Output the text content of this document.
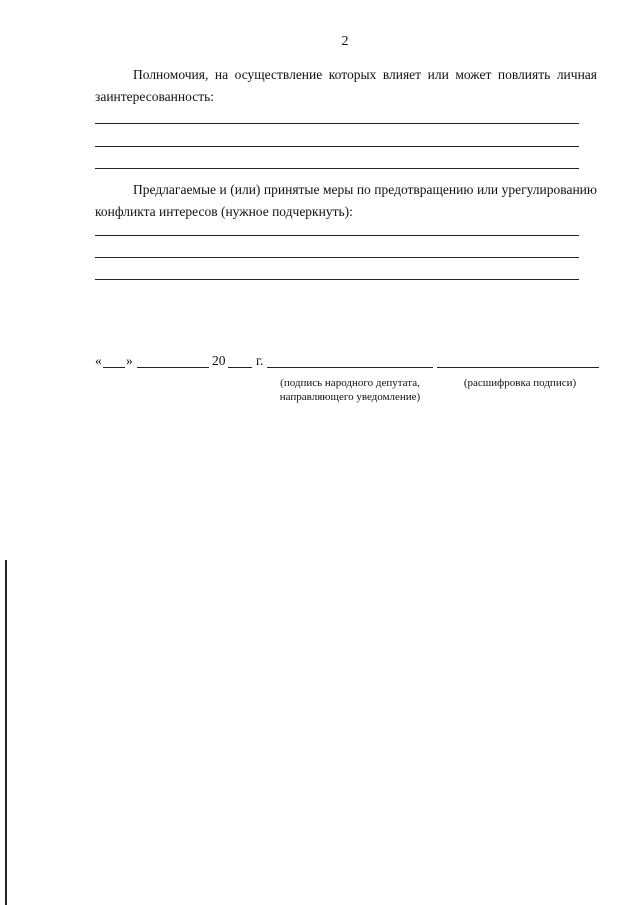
2
Полномочия, на осуществление которых влияет или может повлиять личная
заинтересованность:
Предлагаемые и (или) принятые меры по предотвращению или урегулированию
конфликта интересов (нужное подчеркнуть):
« »	20 г.
(подпись народного депутата, направляющего уведомление)
(расшифровка подписи)
